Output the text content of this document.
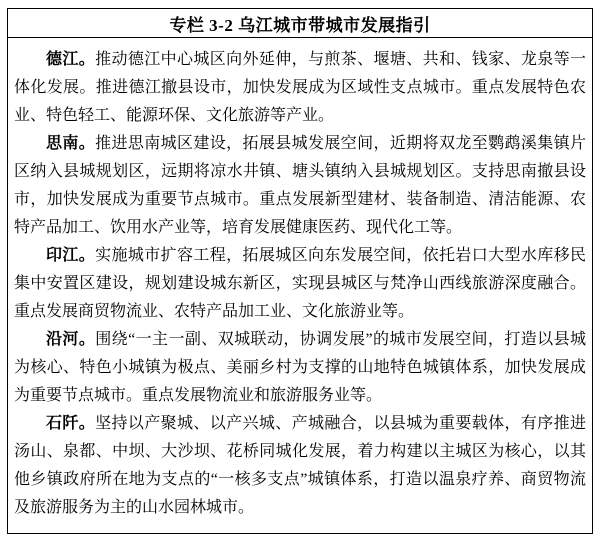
专栏 3-2 乌江城市带城市发展指引

德江。推动德江中心城区向外延伸，与煎茶、堰塘、共和、钱家、龙泉等一体化发展。推进德江撤县设市，加快发展成为区域性支点城市。重点发展特色农业、特色轻工、能源环保、文化旅游等产业。

思南。推进思南城区建设，拓展县城发展空间，近期将双龙至鹦鹉溪集镇片区纳入县城规划区，远期将凉水井镇、塘头镇纳入县城规划区。支持思南撤县设市，加快发展成为重要节点城市。重点发展新型建材、装备制造、清洁能源、农特产品加工、饮用水产业等，培育发展健康医药、现代化工等。

印江。实施城市扩容工程，拓展城区向东发展空间，依托岩口大型水库移民集中安置区建设，规划建设城东新区，实现县城区与梵净山西线旅游深度融合。重点发展商贸物流业、农特产品加工业、文化旅游业等。

沿河。围绕“一主一副、双城联动，协调发展”的城市发展空间，打造以县城为核心、特色小城镇为极点、美丽乡村为支撑的山地特色城镇体系，加快发展成为重要节点城市。重点发展物流业和旅游服务业等。

石阡。坚持以产聚城、以产兴城、产城融合，以县城为重要载体，有序推进汤山、泉都、中坝、大沙坝、花桥同城化发展，着力构建以主城区为核心，以其他乡镇政府所在地为支点的“一核多支点”城镇体系，打造以温泉疗养、商贸物流及旅游服务为主的山水园林城市。
